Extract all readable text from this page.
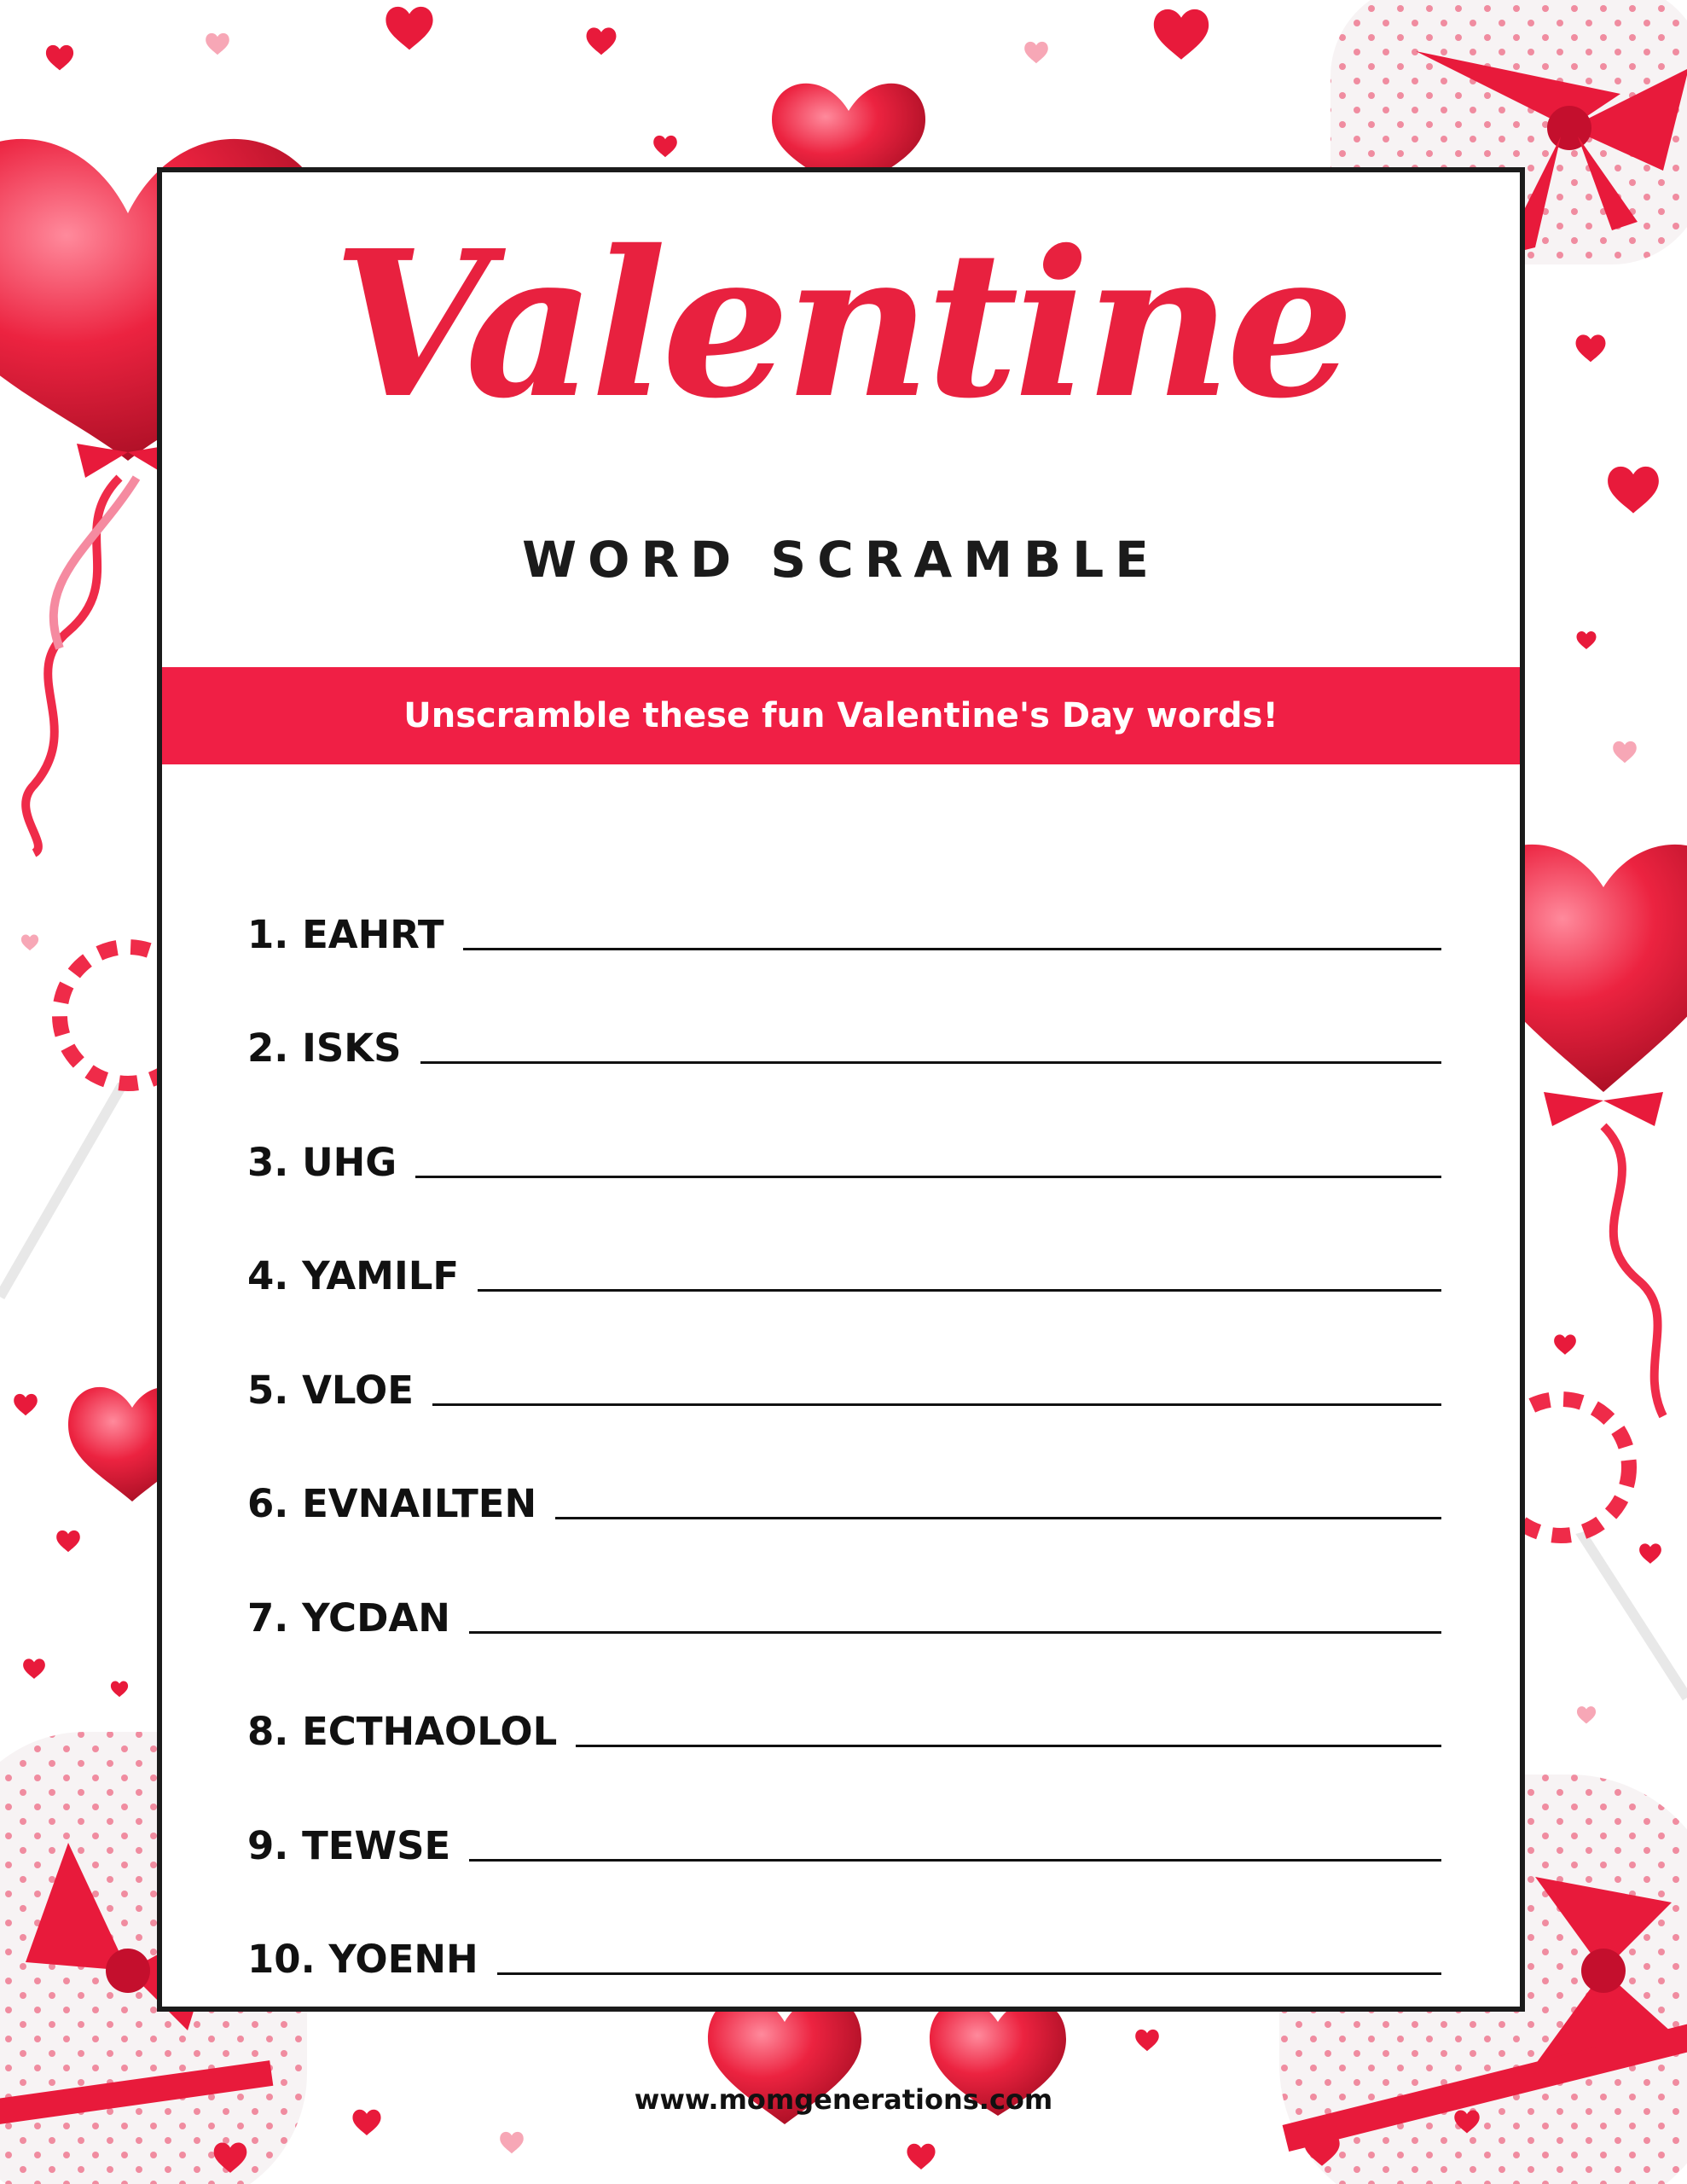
Valentine
WORD SCRAMBLE
Unscramble these fun Valentine's Day words!
1. EAHRT
2. ISKS
3. UHG
4. YAMILF
5. VLOE
6. EVNAILTEN
7. YCDAN
8. ECTHAOLOL
9. TEWSE
10. YOENH
www.momgenerations.com
